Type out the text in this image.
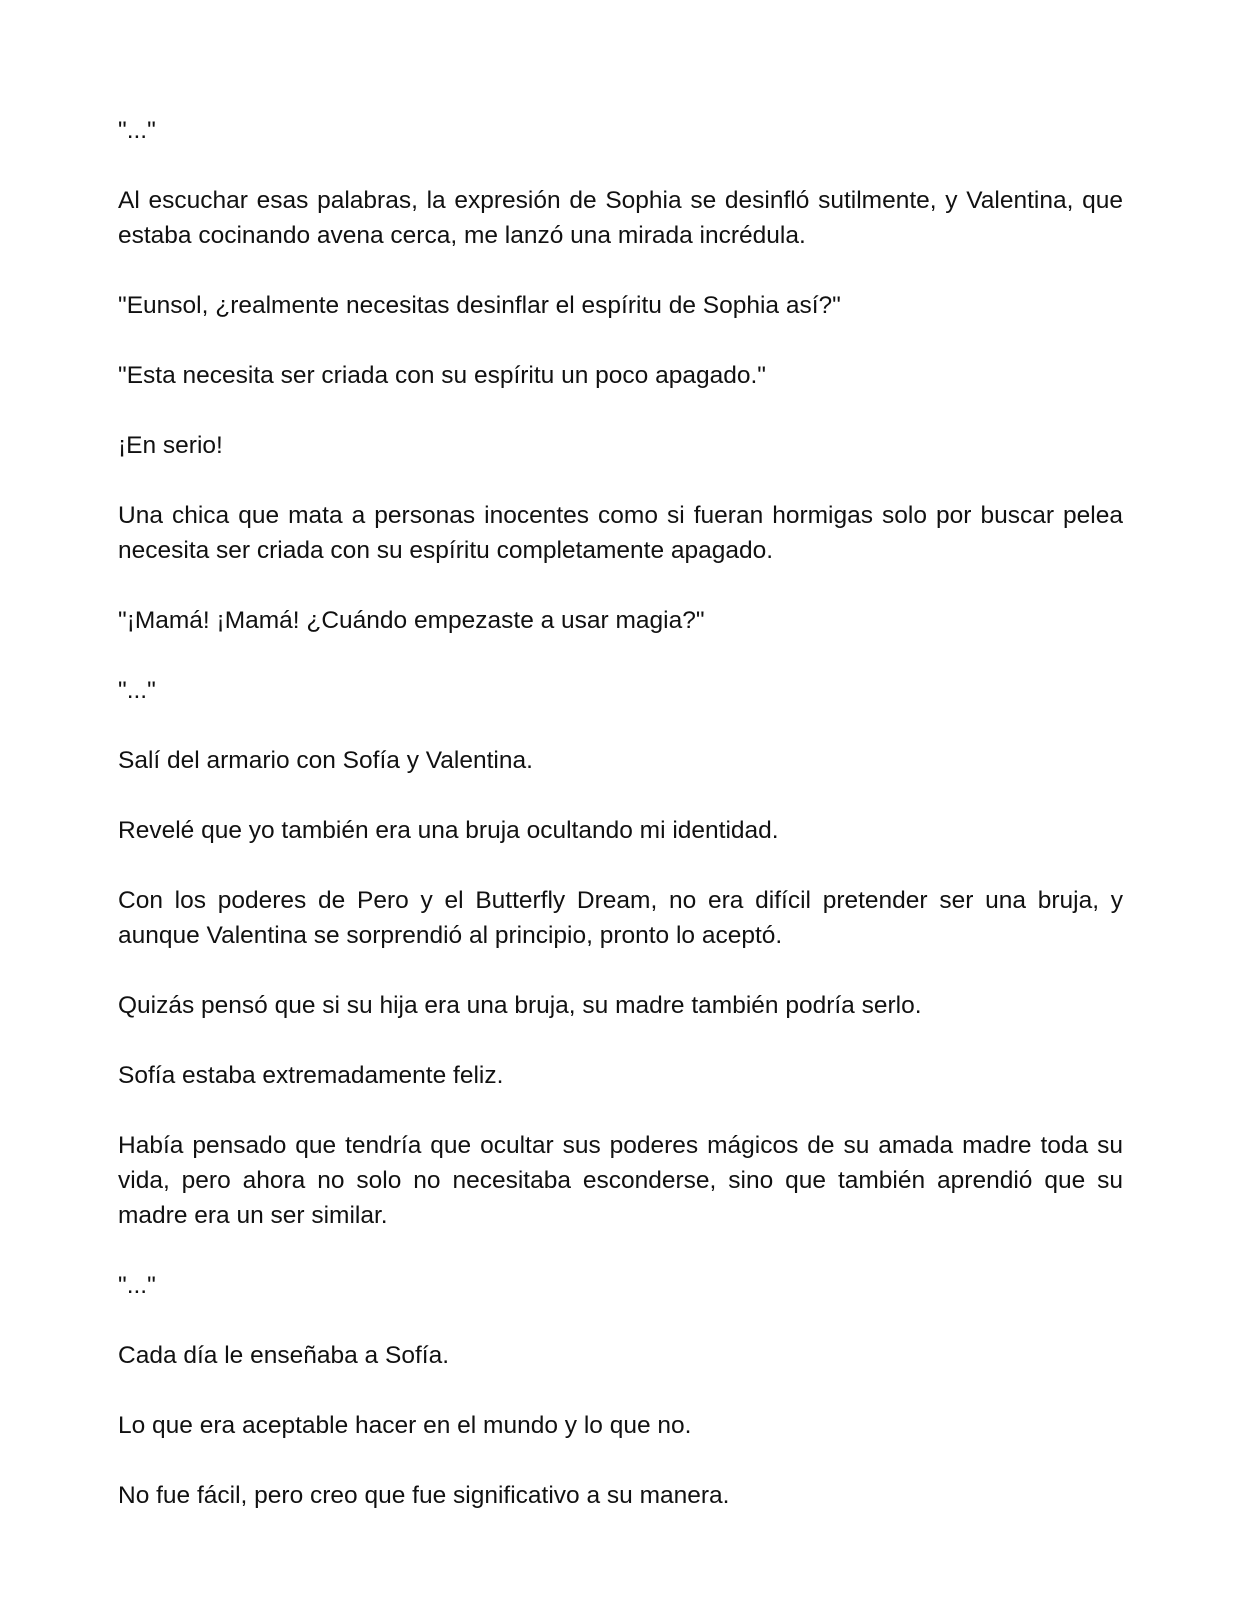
"..."

Al escuchar esas palabras, la expresión de Sophia se desinfló sutilmente, y Valentina, que estaba cocinando avena cerca, me lanzó una mirada incrédula.

"Eunsol, ¿realmente necesitas desinflar el espíritu de Sophia así?"

"Esta necesita ser criada con su espíritu un poco apagado."

¡En serio!

Una chica que mata a personas inocentes como si fueran hormigas solo por buscar pelea necesita ser criada con su espíritu completamente apagado.

"¡Mamá! ¡Mamá! ¿Cuándo empezaste a usar magia?"

"..."

Salí del armario con Sofía y Valentina.

Revelé que yo también era una bruja ocultando mi identidad.

Con los poderes de Pero y el Butterfly Dream, no era difícil pretender ser una bruja, y aunque Valentina se sorprendió al principio, pronto lo aceptó.

Quizás pensó que si su hija era una bruja, su madre también podría serlo.

Sofía estaba extremadamente feliz.

Había pensado que tendría que ocultar sus poderes mágicos de su amada madre toda su vida, pero ahora no solo no necesitaba esconderse, sino que también aprendió que su madre era un ser similar.

"..."

Cada día le enseñaba a Sofía.

Lo que era aceptable hacer en el mundo y lo que no.

No fue fácil, pero creo que fue significativo a su manera.
